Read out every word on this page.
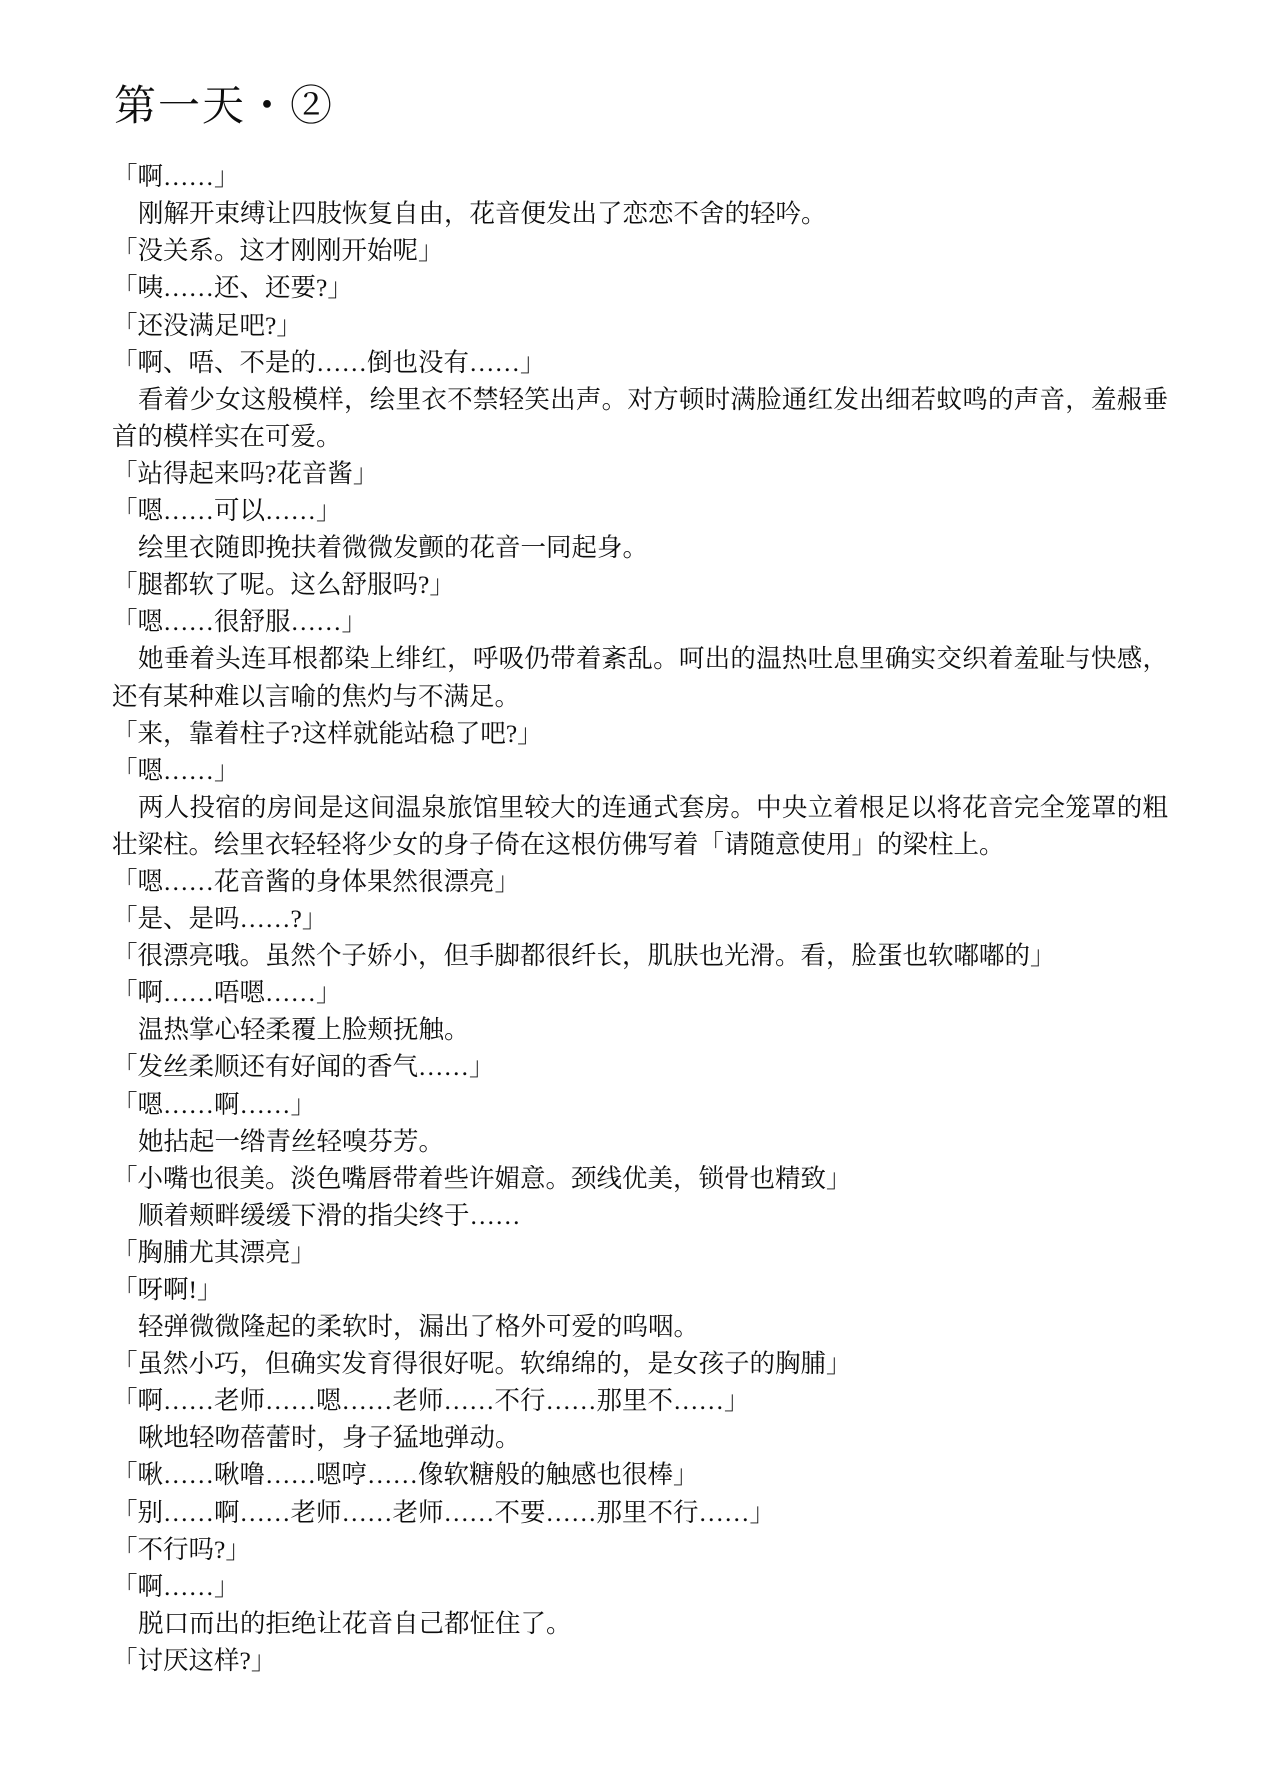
第一天・②

「啊……」

刚解开束缚让四肢恢复自由，花音便发出了恋恋不舍的轻吟。

「没关系。这才刚刚开始呢」

「咦……还、还要?」

「还没满足吧?」

「啊、唔、不是的……倒也没有……」

看着少女这般模样，绘里衣不禁轻笑出声。对方顿时满脸通红发出细若蚊鸣的声音，羞赧垂首的模样实在可爱。

「站得起来吗?花音酱」

「嗯……可以……」

绘里衣随即挽扶着微微发颤的花音一同起身。

「腿都软了呢。这么舒服吗?」

「嗯……很舒服……」

她垂着头连耳根都染上绯红，呼吸仍带着紊乱。呵出的温热吐息里确实交织着羞耻与快感，还有某种难以言喻的焦灼与不满足。

「来，靠着柱子?这样就能站稳了吧?」

「嗯……」

两人投宿的房间是这间温泉旅馆里较大的连通式套房。中央立着根足以将花音完全笼罩的粗壮梁柱。绘里衣轻轻将少女的身子倚在这根仿佛写着「请随意使用」的梁柱上。

「嗯……花音酱的身体果然很漂亮」

「是、是吗……?」

「很漂亮哦。虽然个子娇小，但手脚都很纤长，肌肤也光滑。看，脸蛋也软嘟嘟的」

「啊……唔嗯……」

温热掌心轻柔覆上脸颊抚触。

「发丝柔顺还有好闻的香气……」

「嗯……啊……」

她拈起一绺青丝轻嗅芬芳。

「小嘴也很美。淡色嘴唇带着些许媚意。颈线优美，锁骨也精致」

顺着颊畔缓缓下滑的指尖终于……

「胸脯尤其漂亮」

「呀啊!」

轻弹微微隆起的柔软时，漏出了格外可爱的呜咽。

「虽然小巧，但确实发育得很好呢。软绵绵的，是女孩子的胸脯」

「啊……老师……嗯……老师……不行……那里不……」

啾地轻吻蓓蕾时，身子猛地弹动。

「啾……啾噜……嗯哼……像软糖般的触感也很棒」

「别……啊……老师……老师……不要……那里不行……」

「不行吗?」

「啊……」

脱口而出的拒绝让花音自己都怔住了。

「讨厌这样?」
